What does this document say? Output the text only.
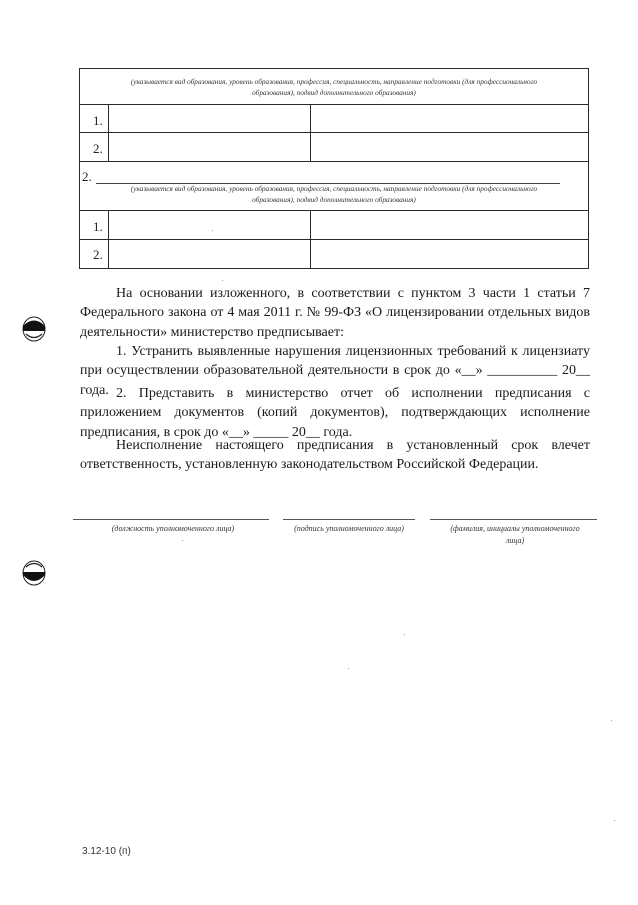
(указывается вид образования, уровень образования, профессия, специальность, направление подготовки (для профессионального образования), подвид дополнительного образования)
1.
2.
2.
(указывается вид образования, уровень образования, профессия, специальность, направление подготовки (для профессионального образования), подвид дополнительного образования)
1.
2.
На основании изложенного, в соответствии с пунктом 3 части 1 статьи 7 Федерального закона от 4 мая 2011 г. № 99-ФЗ «О лицензировании отдельных видов деятельности» министерство предписывает:
1. Устранить выявленные нарушения лицензионных требований к лицензиату при осуществлении образовательной деятельности в срок до «__» __________ 20__ года. 2. Представить в министерство отчет об исполнении предписания с приложением документов (копий документов), подтверждающих исполнение предписания, в срок до «__» _____ 20__ года.
Неисполнение настоящего предписания в установленный срок влечет ответственность, установленную законодательством Российской Федерации.
(должность уполномоченного лица)	(подпись уполномоченного лица)	(фамилия, инициалы уполномоченного лица)
3.12-10 (п)
